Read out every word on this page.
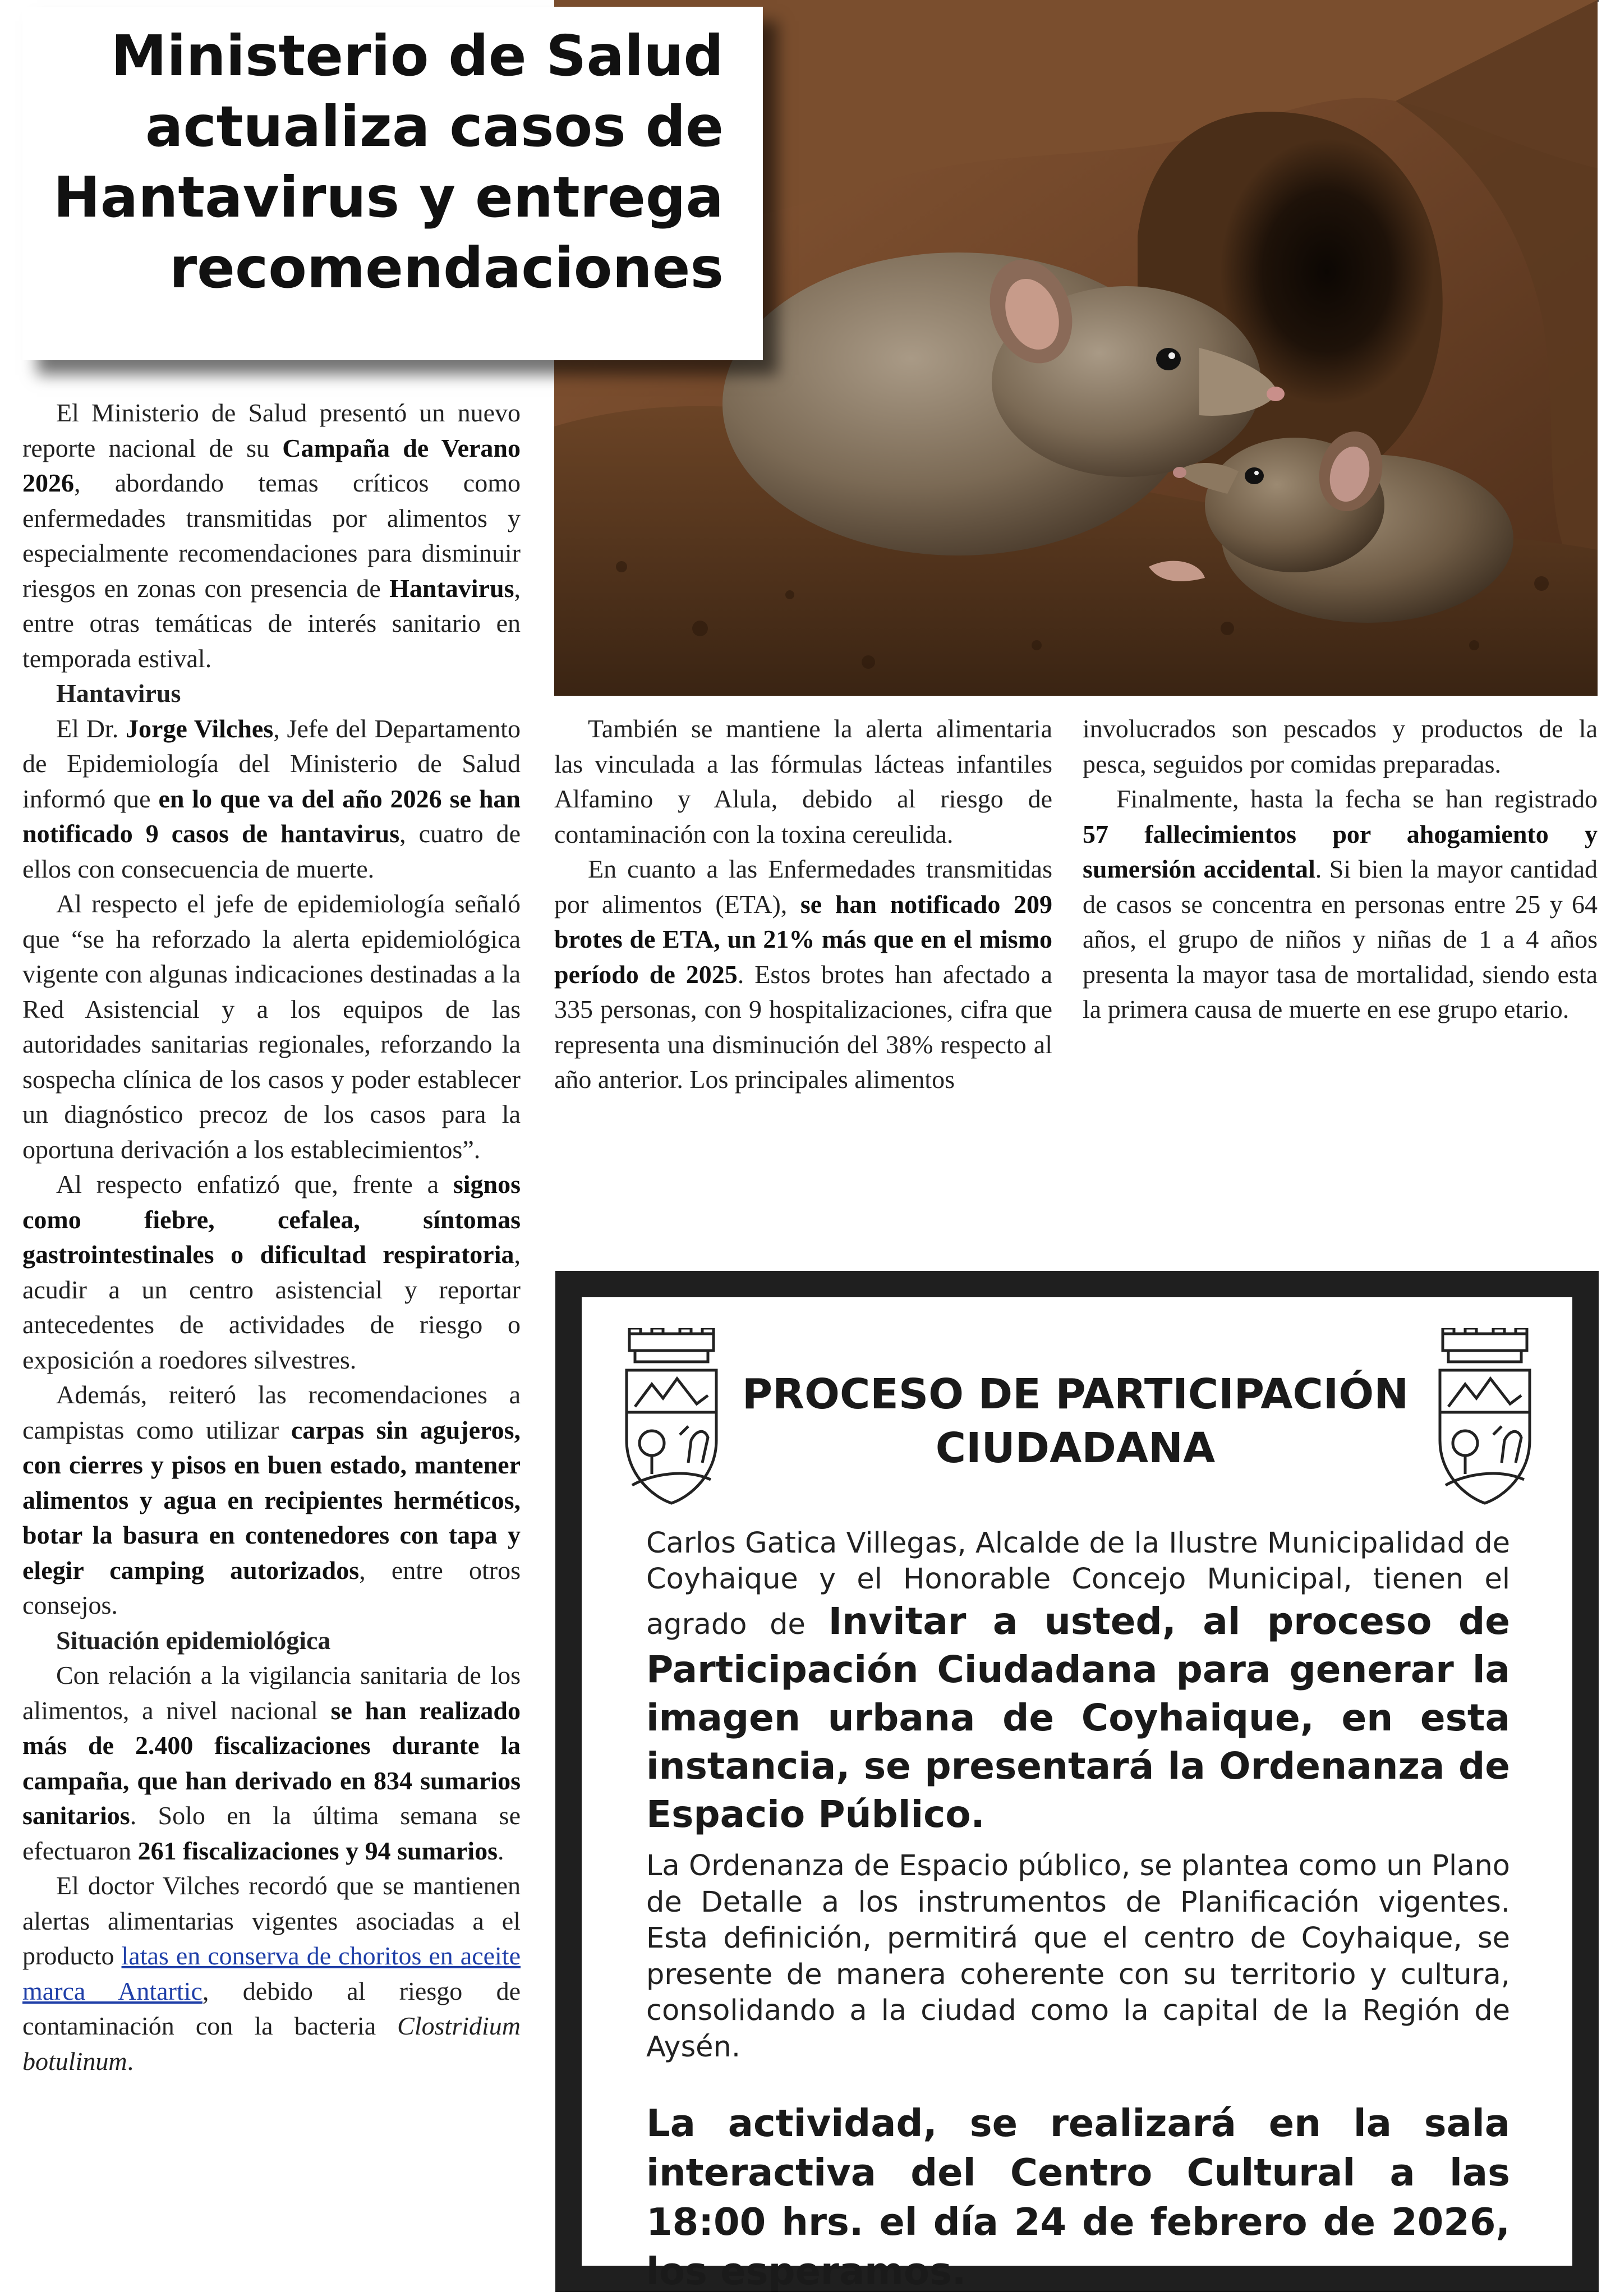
Ministerio de Salud actualiza casos de Hantavirus y entrega recomendaciones

El Ministerio de Salud presentó un nuevo reporte nacional de su Campaña de Verano 2026, abordando temas críticos como enfermedades transmitidas por alimentos y especialmente recomendaciones para disminuir riesgos en zonas con presencia de Hantavirus, entre otras temáticas de interés sanitario en temporada estival.

Hantavirus

El Dr. Jorge Vilches, Jefe del Departamento de Epidemiología del Ministerio de Salud informó que en lo que va del año 2026 se han notificado 9 casos de hantavirus, cuatro de ellos con consecuencia de muerte.

Al respecto el jefe de epidemiología señaló que “se ha reforzado la alerta epidemiológica vigente con algunas indicaciones destinadas a la Red Asistencial y a los equipos de las autoridades sanitarias regionales, reforzando la sospecha clínica de los casos y poder establecer un diagnóstico precoz de los casos para la oportuna derivación a los establecimientos”.

Al respecto enfatizó que, frente a signos como fiebre, cefalea, síntomas gastrointestinales o dificultad respiratoria, acudir a un centro asistencial y reportar antecedentes de actividades de riesgo o exposición a roedores silvestres.

Además, reiteró las recomendaciones a campistas como utilizar carpas sin agujeros, con cierres y pisos en buen estado, mantener alimentos y agua en recipientes herméticos, botar la basura en contenedores con tapa y elegir camping autorizados, entre otros consejos.

Situación epidemiológica

Con relación a la vigilancia sanitaria de los alimentos, a nivel nacional se han realizado más de 2.400 fiscalizaciones durante la campaña, que han derivado en 834 sumarios sanitarios. Solo en la última semana se efectuaron 261 fiscalizaciones y 94 sumarios.

El doctor Vilches recordó que se mantienen alertas alimentarias vigentes asociadas a el producto latas en conserva de choritos en aceite marca Antartic, debido al riesgo de contaminación con la bacteria Clostridium botulinum.

También se mantiene la alerta alimentaria las vinculada a las fórmulas lácteas infantiles Alfamino y Alula, debido al riesgo de contaminación con la toxina cereulida.

En cuanto a las Enfermedades transmitidas por alimentos (ETA), se han notificado 209 brotes de ETA, un 21% más que en el mismo período de 2025. Estos brotes han afectado a 335 personas, con 9 hospitalizaciones, cifra que representa una disminución del 38% respecto al año anterior. Los principales alimentos

involucrados son pescados y productos de la pesca, seguidos por comidas preparadas.

Finalmente, hasta la fecha se han registrado 57 fallecimientos por ahogamiento y sumersión accidental. Si bien la mayor cantidad de casos se concentra en personas entre 25 y 64 años, el grupo de niños y niñas de 1 a 4 años presenta la mayor tasa de mortalidad, siendo esta la primera causa de muerte en ese grupo etario.

PROCESO DE PARTICIPACIÓN CIUDADANA
Carlos Gatica Villegas, Alcalde de la Ilustre Municipalidad de Coyhaique y el Honorable Concejo Municipal, tienen el agrado de Invitar a usted, al proceso de Participación Ciudadana para generar la imagen urbana de Coyhaique, en esta instancia, se presentará la Ordenanza de Espacio Público.
La Ordenanza de Espacio público, se plantea como un Plano de Detalle a los instrumentos de Planificación vigentes. Esta definición, permitirá que el centro de Coyhaique, se presente de manera coherente con su territorio y cultura, consolidando a la ciudad como la capital de la Región de Aysén.
La actividad, se realizará en la sala interactiva del Centro Cultural a las 18:00 hrs. el día 24 de febrero de 2026, los esperamos.
